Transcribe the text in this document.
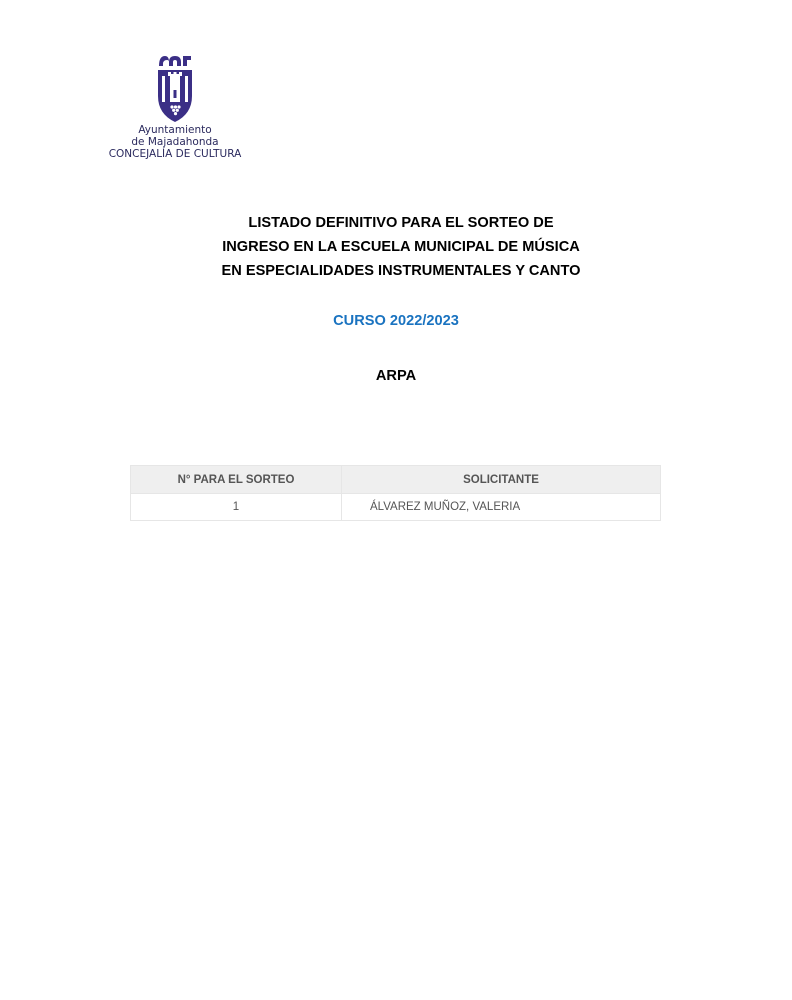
Ayuntamiento
de Majadahonda
CONCEJALÍA DE CULTURA
LISTADO DEFINITIVO PARA EL SORTEO DE
INGRESO EN LA ESCUELA MUNICIPAL DE MÚSICA
EN ESPECIALIDADES INSTRUMENTALES Y CANTO
CURSO 2022/2023
ARPA
N° PARA EL SORTEO	SOLICITANTE
1	ÁLVAREZ MUÑOZ, VALERIA
